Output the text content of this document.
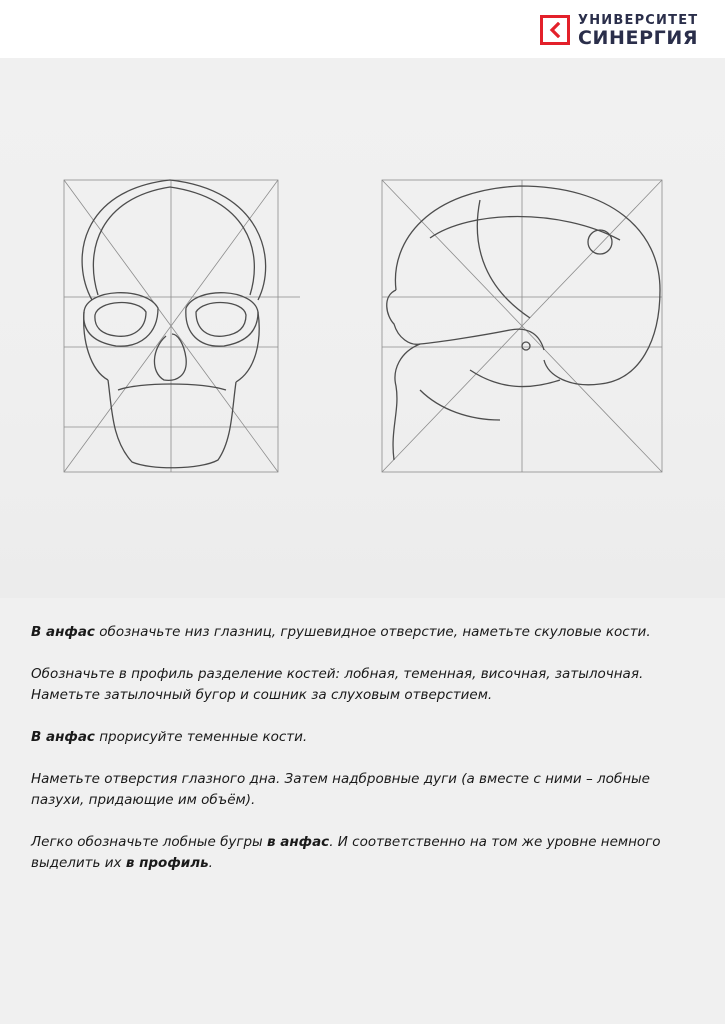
УНИВЕРСИТЕТ
СИНЕРГИЯ

В анфас обозначьте низ глазниц, грушевидное отверстие, наметьте скуловые кости.

Обозначьте в профиль разделение костей: лобная, теменная, височная, затылочная.
Наметьте затылочный бугор и сошник за слуховым отверстием.

В анфас прорисуйте теменные кости.

Наметьте отверстия глазного дна. Затем надбровные дуги (а вместе с ними – лобные
пазухи, придающие им объём).

Легко обозначьте лобные бугры в анфас. И соответственно на том же уровне немного выделить их в профиль.
